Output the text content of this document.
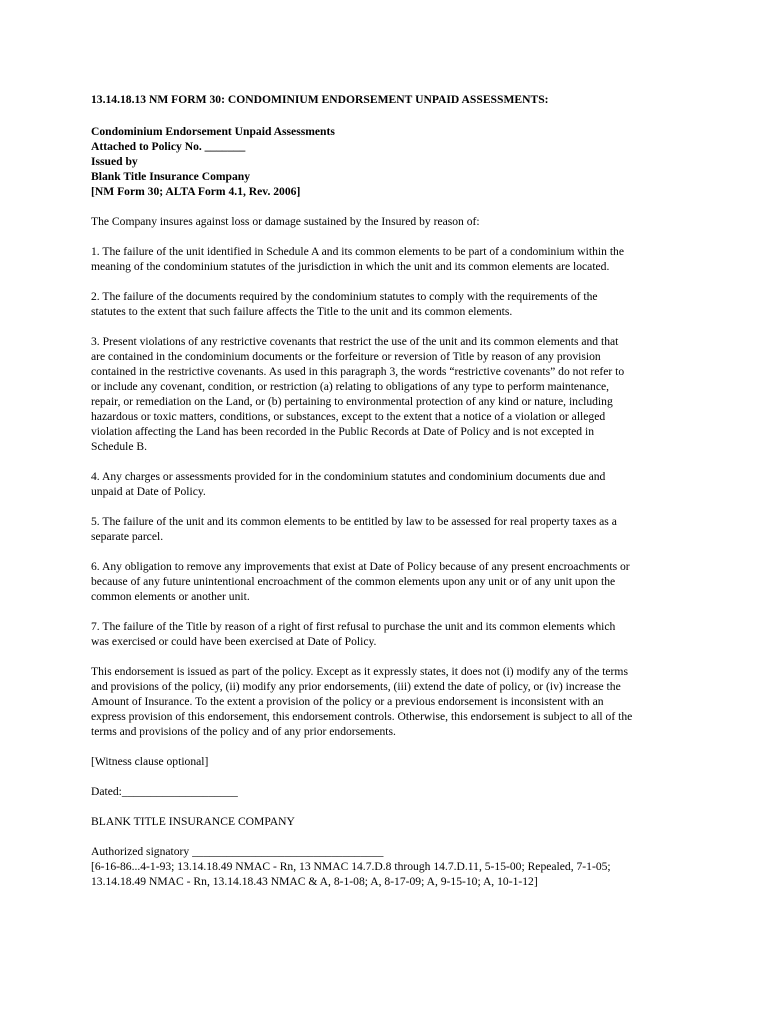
13.14.18.13 NM FORM 30: CONDOMINIUM ENDORSEMENT UNPAID ASSESSMENTS:

Condominium Endorsement Unpaid Assessments
Attached to Policy No. _______
Issued by
Blank Title Insurance Company
[NM Form 30; ALTA Form 4.1, Rev. 2006]

The Company insures against loss or damage sustained by the Insured by reason of:

1. The failure of the unit identified in Schedule A and its common elements to be part of a condominium within the
meaning of the condominium statutes of the jurisdiction in which the unit and its common elements are located.

2. The failure of the documents required by the condominium statutes to comply with the requirements of the
statutes to the extent that such failure affects the Title to the unit and its common elements.

3. Present violations of any restrictive covenants that restrict the use of the unit and its common elements and that
are contained in the condominium documents or the forfeiture or reversion of Title by reason of any provision
contained in the restrictive covenants. As used in this paragraph 3, the words “restrictive covenants” do not refer to
or include any covenant, condition, or restriction (a) relating to obligations of any type to perform maintenance,
repair, or remediation on the Land, or (b) pertaining to environmental protection of any kind or nature, including
hazardous or toxic matters, conditions, or substances, except to the extent that a notice of a violation or alleged
violation affecting the Land has been recorded in the Public Records at Date of Policy and is not excepted in
Schedule B.

4. Any charges or assessments provided for in the condominium statutes and condominium documents due and
unpaid at Date of Policy.

5. The failure of the unit and its common elements to be entitled by law to be assessed for real property taxes as a
separate parcel.

6. Any obligation to remove any improvements that exist at Date of Policy because of any present encroachments or
because of any future unintentional encroachment of the common elements upon any unit or of any unit upon the
common elements or another unit.

7. The failure of the Title by reason of a right of first refusal to purchase the unit and its common elements which
was exercised or could have been exercised at Date of Policy.

This endorsement is issued as part of the policy. Except as it expressly states, it does not (i) modify any of the terms
and provisions of the policy, (ii) modify any prior endorsements, (iii) extend the date of policy, or (iv) increase the
Amount of Insurance. To the extent a provision of the policy or a previous endorsement is inconsistent with an
express provision of this endorsement, this endorsement controls. Otherwise, this endorsement is subject to all of the
terms and provisions of the policy and of any prior endorsements.

[Witness clause optional]

Dated:____________________

BLANK TITLE INSURANCE COMPANY

Authorized signatory _________________________________
[6-16-86...4-1-93; 13.14.18.49 NMAC - Rn, 13 NMAC 14.7.D.8 through 14.7.D.11, 5-15-00; Repealed, 7-1-05;
13.14.18.49 NMAC - Rn, 13.14.18.43 NMAC & A, 8-1-08; A, 8-17-09; A, 9-15-10; A, 10-1-12]
